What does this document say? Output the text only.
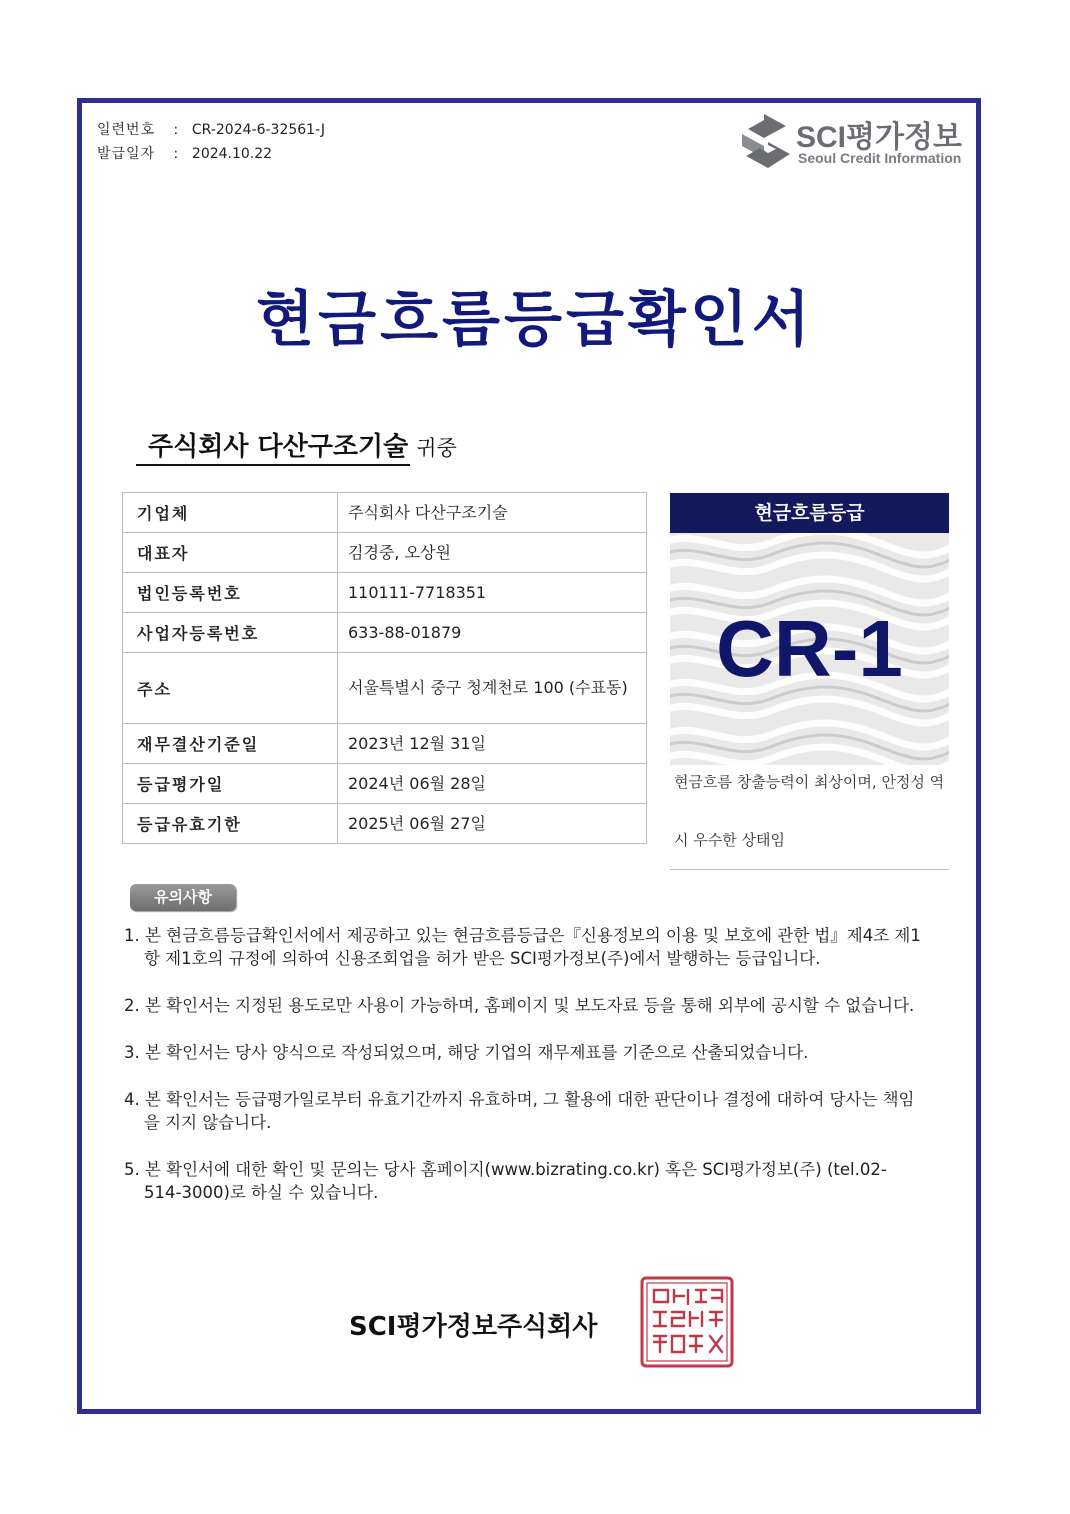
일련번호 : CR-2024-6-32561-J
발급일자 : 2024.10.22	SCI평가정보
Seoul Credit Information
현금흐름등급확인서
주식회사 다산구조기술 귀중
기업체	주식회사 다산구조기술
대표자	김경중, 오상원
법인등록번호	110111-7718351
사업자등록번호	633-88-01879
주소	서울특별시 중구 청계천로 100 (수표동)
재무결산기준일	2023년 12월 31일
등급평가일	2024년 06월 28일
등급유효기한	2025년 06월 27일
현금흐름등급
CR-1
현금흐름 창출능력이 최상이며, 안정성 역시 우수한 상태임
유의사항
1. 본 현금흐름등급확인서에서 제공하고 있는 현금흐름등급은『신용정보의 이용 및 보호에 관한 법』제4조 제1항 제1호의 규정에 의하여 신용조회업을 허가 받은 SCI평가정보(주)에서 발행하는 등급입니다.
2. 본 확인서는 지정된 용도로만 사용이 가능하며, 홈페이지 및 보도자료 등을 통해 외부에 공시할 수 없습니다.
3. 본 확인서는 당사 양식으로 작성되었으며, 해당 기업의 재무제표를 기준으로 산출되었습니다.
4. 본 확인서는 등급평가일로부터 유효기간까지 유효하며, 그 활용에 대한 판단이나 결정에 대하여 당사는 책임을 지지 않습니다.
5. 본 확인서에 대한 확인 및 문의는 당사 홈페이지(www.bizrating.co.kr) 혹은 SCI평가정보(주) (tel.02-514-3000)로 하실 수 있습니다.
SCI평가정보주식회사
